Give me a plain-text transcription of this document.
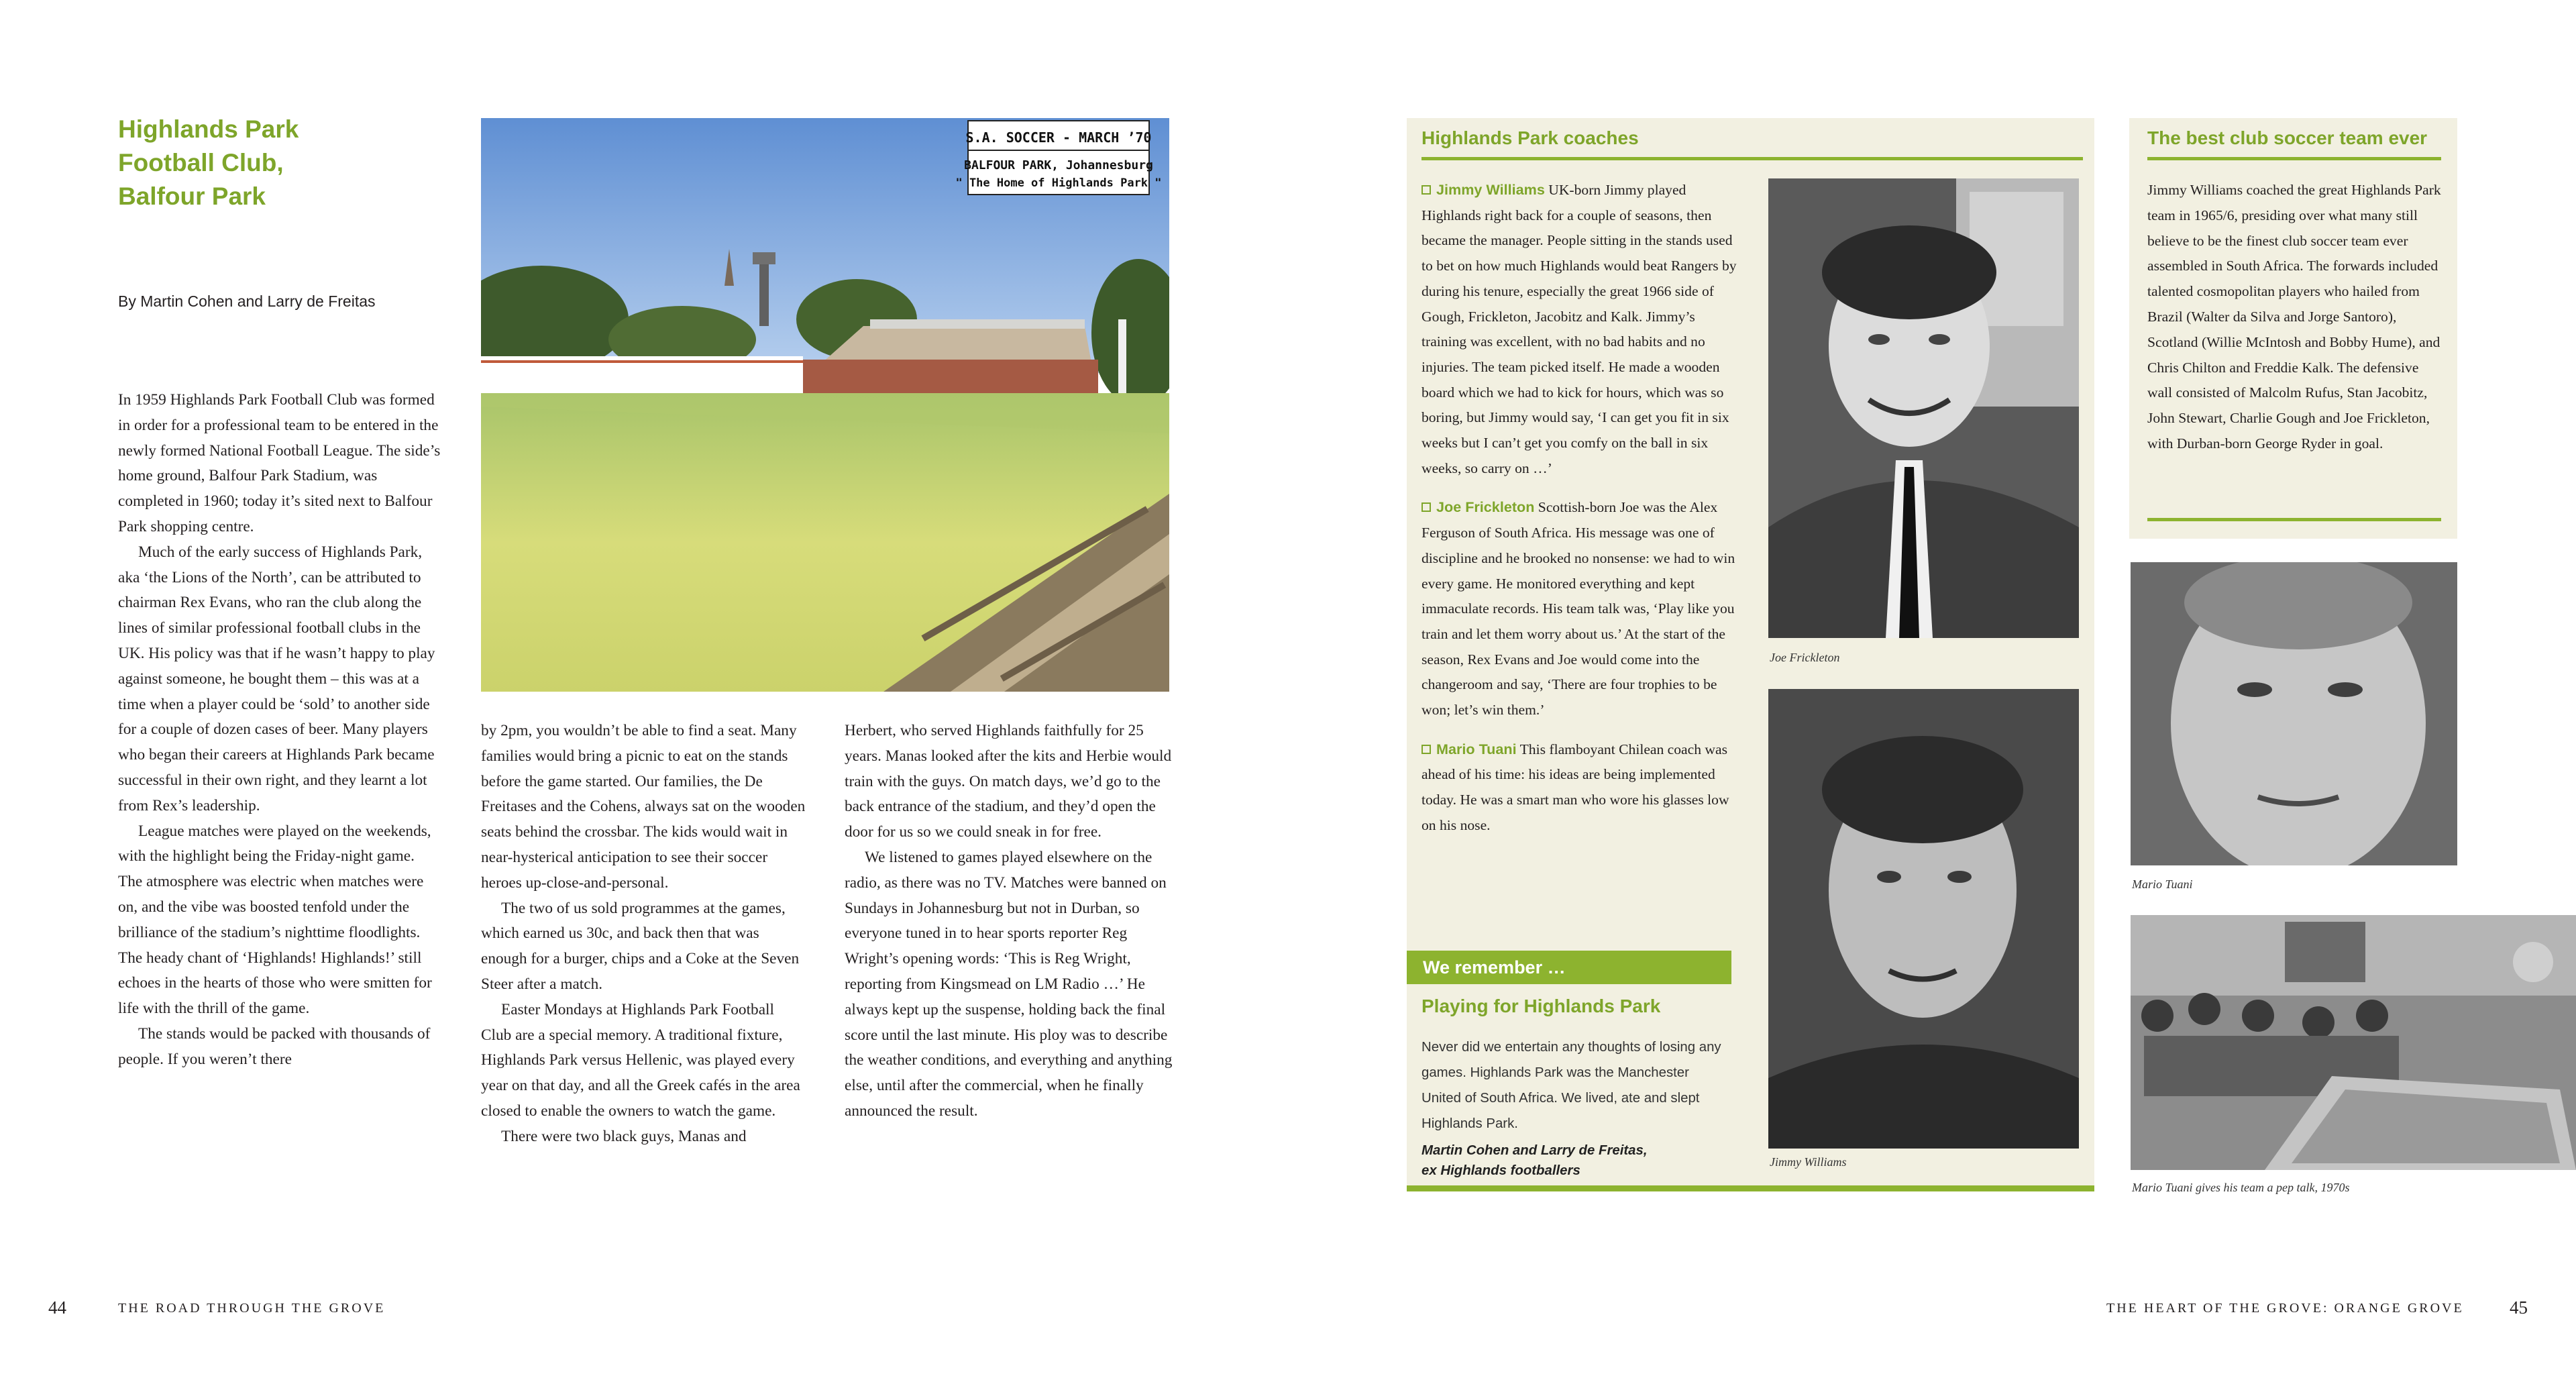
Highlands Park
Football Club,
Balfour Park
By Martin Cohen and Larry de Freitas

In 1959 Highlands Park Football Club was formed in order for a professional team to be entered in the newly formed National Football League. The side’s home ground, Balfour Park Stadium, was completed in 1960; today it’s sited next to Balfour Park shopping centre.

Much of the early success of Highlands Park, aka ‘the Lions of the North’, can be attributed to chairman Rex Evans, who ran the club along the lines of similar professional football clubs in the UK. His policy was that if he wasn’t happy to play against someone, he bought them – this was at a time when a player could be ‘sold’ to another side for a couple of dozen cases of beer. Many players who began their careers at Highlands Park became successful in their own right, and they learnt a lot from Rex’s leadership.

League matches were played on the weekends, with the highlight being the Friday-night game. The atmosphere was electric when matches were on, and the vibe was boosted tenfold under the brilliance of the stadium’s nighttime floodlights. The heady chant of ‘Highlands! Highlands!’ still echoes in the hearts of those who were smitten for life with the thrill of the game.

The stands would be packed with thousands of people. If you weren’t there

S.A. SOCCER - MARCH ’70
BALFOUR PARK, Johannesburg
" The Home of Highlands Park "

by 2pm, you wouldn’t be able to find a seat. Many families would bring a picnic to eat on the stands before the game started. Our families, the De Freitases and the Cohens, always sat on the wooden seats behind the crossbar. The kids would wait in near-hysterical anticipation to see their soccer heroes up-close-and-personal.

The two of us sold programmes at the games, which earned us 30c, and back then that was enough for a burger, chips and a Coke at the Seven Steer after a match.

Easter Mondays at Highlands Park Football Club are a special memory. A traditional fixture, Highlands Park versus Hellenic, was played every year on that day, and all the Greek cafés in the area closed to enable the owners to watch the game.

There were two black guys, Manas and

Herbert, who served Highlands faithfully for 25 years. Manas looked after the kits and Herbie would train with the guys. On match days, we’d go to the back entrance of the stadium, and they’d open the door for us so we could sneak in for free.

We listened to games played elsewhere on the radio, as there was no TV. Matches were banned on Sundays in Johannesburg but not in Durban, so everyone tuned in to hear sports reporter Reg Wright’s opening words: ‘This is Reg Wright, reporting from Kingsmead on LM Radio …’ He always kept up the suspense, holding back the final score until the last minute. His ploy was to describe the weather conditions, and everything and anything else, until after the commercial, when he finally announced the result.

44	THE ROAD THROUGH THE GROVE
Highlands Park coaches

Jimmy Williams UK-born Jimmy played Highlands right back for a couple of seasons, then became the manager. People sitting in the stands used to bet on how much Highlands would beat Rangers by during his tenure, especially the great 1966 side of Gough, Frickleton, Jacobitz and Kalk. Jimmy’s training was excellent, with no bad habits and no injuries. The team picked itself. He made a wooden board which we had to kick for hours, which was so boring, but Jimmy would say, ‘I can get you fit in six weeks but I can’t get you comfy on the ball in six weeks, so carry on …’

Joe Frickleton Scottish-born Joe was the Alex Ferguson of South Africa. His message was one of discipline and he brooked no nonsense: we had to win every game. He monitored everything and kept immaculate records. His team talk was, ‘Play like you train and let them worry about us.’ At the start of the season, Rex Evans and Joe would come into the changeroom and say, ‘There are four trophies to be won; let’s win them.’

Mario Tuani This flamboyant Chilean coach was ahead of his time: his ideas are being implemented today. He was a smart man who wore his glasses low on his nose.

Joe Frickleton
Jimmy Williams
We remember …
Playing for Highlands Park
Never did we entertain any thoughts of losing any games. Highlands Park was the Manchester United of South Africa. We lived, ate and slept Highlands Park.
Martin Cohen and Larry de Freitas,
ex Highlands footballers
The best club soccer team ever
Jimmy Williams coached the great Highlands Park team in 1965/6, presiding over what many still believe to be the finest club soccer team ever assembled in South Africa. The forwards included talented cosmopolitan players who hailed from Brazil (Walter da Silva and Jorge Santoro), Scotland (Willie McIntosh and Bobby Hume), and Chris Chilton and Freddie Kalk. The defensive wall consisted of Malcolm Rufus, Stan Jacobitz, John Stewart, Charlie Gough and Joe Frickleton, with Durban-born George Ryder in goal.
Mario Tuani
Mario Tuani gives his team a pep talk, 1970s
THE HEART OF THE GROVE: ORANGE GROVE	45
